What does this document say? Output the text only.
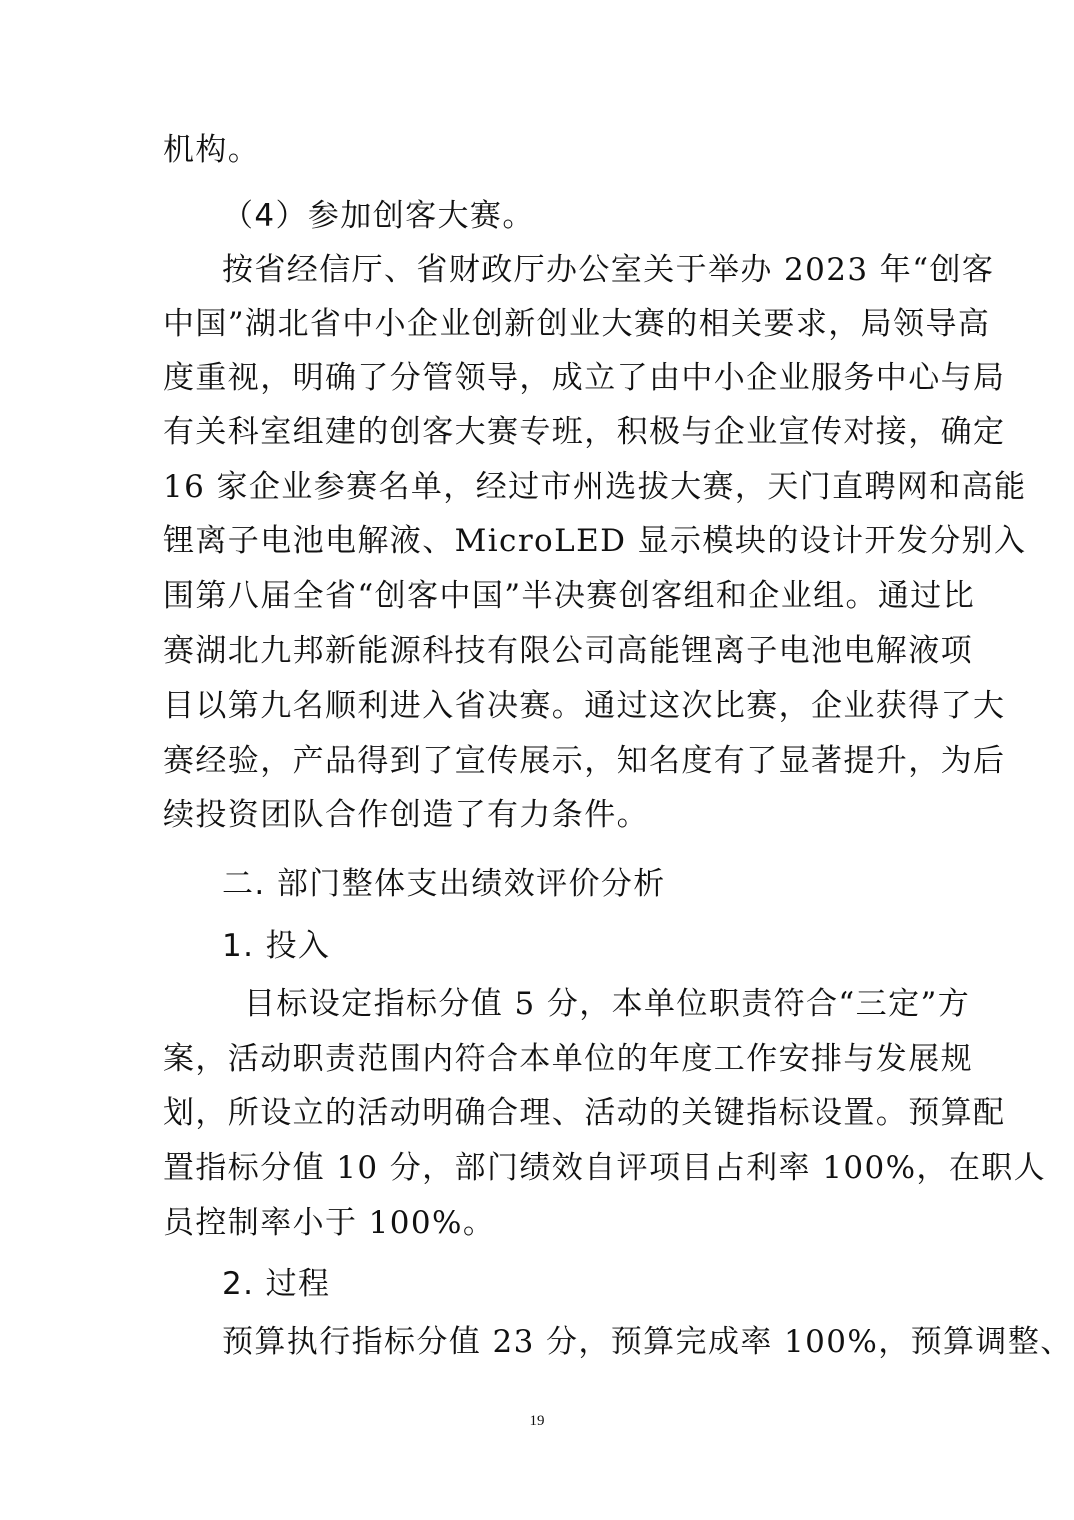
机构。

（4）参加创客大赛。

按省经信厅、省财政厅办公室关于举办 2023 年“创客

中国”湖北省中小企业创新创业大赛的相关要求，局领导高

度重视，明确了分管领导，成立了由中小企业服务中心与局

有关科室组建的创客大赛专班，积极与企业宣传对接，确定

16 家企业参赛名单，经过市州选拔大赛，天门直聘网和高能

锂离子电池电解液、MicroLED 显示模块的设计开发分别入

围第八届全省“创客中国”半决赛创客组和企业组。通过比

赛湖北九邦新能源科技有限公司高能锂离子电池电解液项

目以第九名顺利进入省决赛。通过这次比赛，企业获得了大

赛经验，产品得到了宣传展示，知名度有了显著提升，为后

续投资团队合作创造了有力条件。

二. 部门整体支出绩效评价分析

1. 投入

目标设定指标分值 5 分，本单位职责符合“三定”方

案，活动职责范围内符合本单位的年度工作安排与发展规

划，所设立的活动明确合理、活动的关键指标设置。预算配

置指标分值 10 分，部门绩效自评项目占利率 100%，在职人

员控制率小于 100%。

2. 过程

预算执行指标分值 23 分，预算完成率 100%，预算调整、

19
